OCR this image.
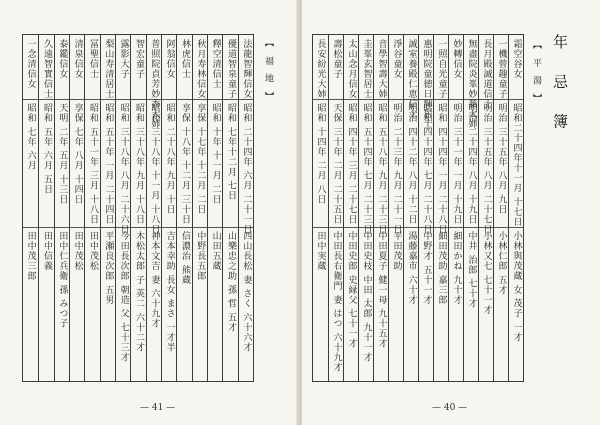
法龍智輝信女
昭和 二十四年 六月 二十一日
西山長松 妻 さく 六十六才
優道智泉童子
昭和 七年十二月 七日
山樂忠之助 孫 哲 五才
釋空清信士
昭和 十年 十一月 二日
山田五蔵
秋月寿林信女
享保 十七年 十二月 二日
中野長五郎
林虎信士
享保 十八年 十二月 三十日
信濃治 熊蔵
阿翁信女
昭和 二十八年 九月 十日
吉本幸助 長女 まさ 一才半
普照院貞芳妙香大姉
昭和 三十八年 十一月 十八日
神本文吉 妻 六十九才
智宏童子
昭和 三十八年 九月 十八日
木松太郎 子 英二 六十二才
露影大子
昭和 三十八年 八月 二十六日
今田長次郎 朝造 父 七十三才
梨山寿清居士
昭和 五十年 一月 二十四日
平瀬良次郎 五男
冨聖信士
昭和 五十一年 三月 十八日
田中茂松
清泉信女
享保 七年 八月 十四日
田中茂松
泰鑑信女
天明 二年 五月 十三日
田中仁兵衛 孫 みつ子
久遠智實信士
昭和 五年 六月 五日
田中信義
一念清信女
昭和 七年 六月
田中茂三郎
【 福 地 】
— 41 —
霜空谷女
昭和二十四年十一月 十七日
小林與茂蔵 女 茂子 一才
一機曾趣童子
明治 三十五年 八月 九日
小林仁郎 五才
長月殿誠道信士
明治 三十五年 八月 二十七日
小林又七 七十一才
無盡院炎峯妙蘂大姉
明治 二十四年 八月 十九日
中井 治郎 七十才
妙轉信女
明治 三十一年 一月 十九日
細田かね 九十才
一照自光童子
昭和 四十四年 一月 二十八日
細田茂助 嘉三郎
惠明院童徳日輝居士
昭和 四十四年 七月 二十八日
中野才 五十一才
誠室養殿仁恵信士
明治 四十二年 八月 十二日
湯藤嘉市 六十才
淨谷童女
明治 二十三年 九月 二十一日
平田茂助
音學智壽大姉
昭和 五十八年 九月 二十三日
中田夏子 健一母 九十五才
圭峯玄智居士
昭和 五十四年 七月 二十三日
中田史枝 中田 太郎 九十一才
太山念月信女
昭和 四十年 三月 二十七日
中田史郎 史縁父 七十一才
壽松童子
天保 三十年 二月 二十五日
中田長右衛門 妻 はつ 六十九才
長安紛光大姉
昭和 十四年 二月 八日
田中実蔵
【 平 湯 】 年 忌 簿
— 40 —
